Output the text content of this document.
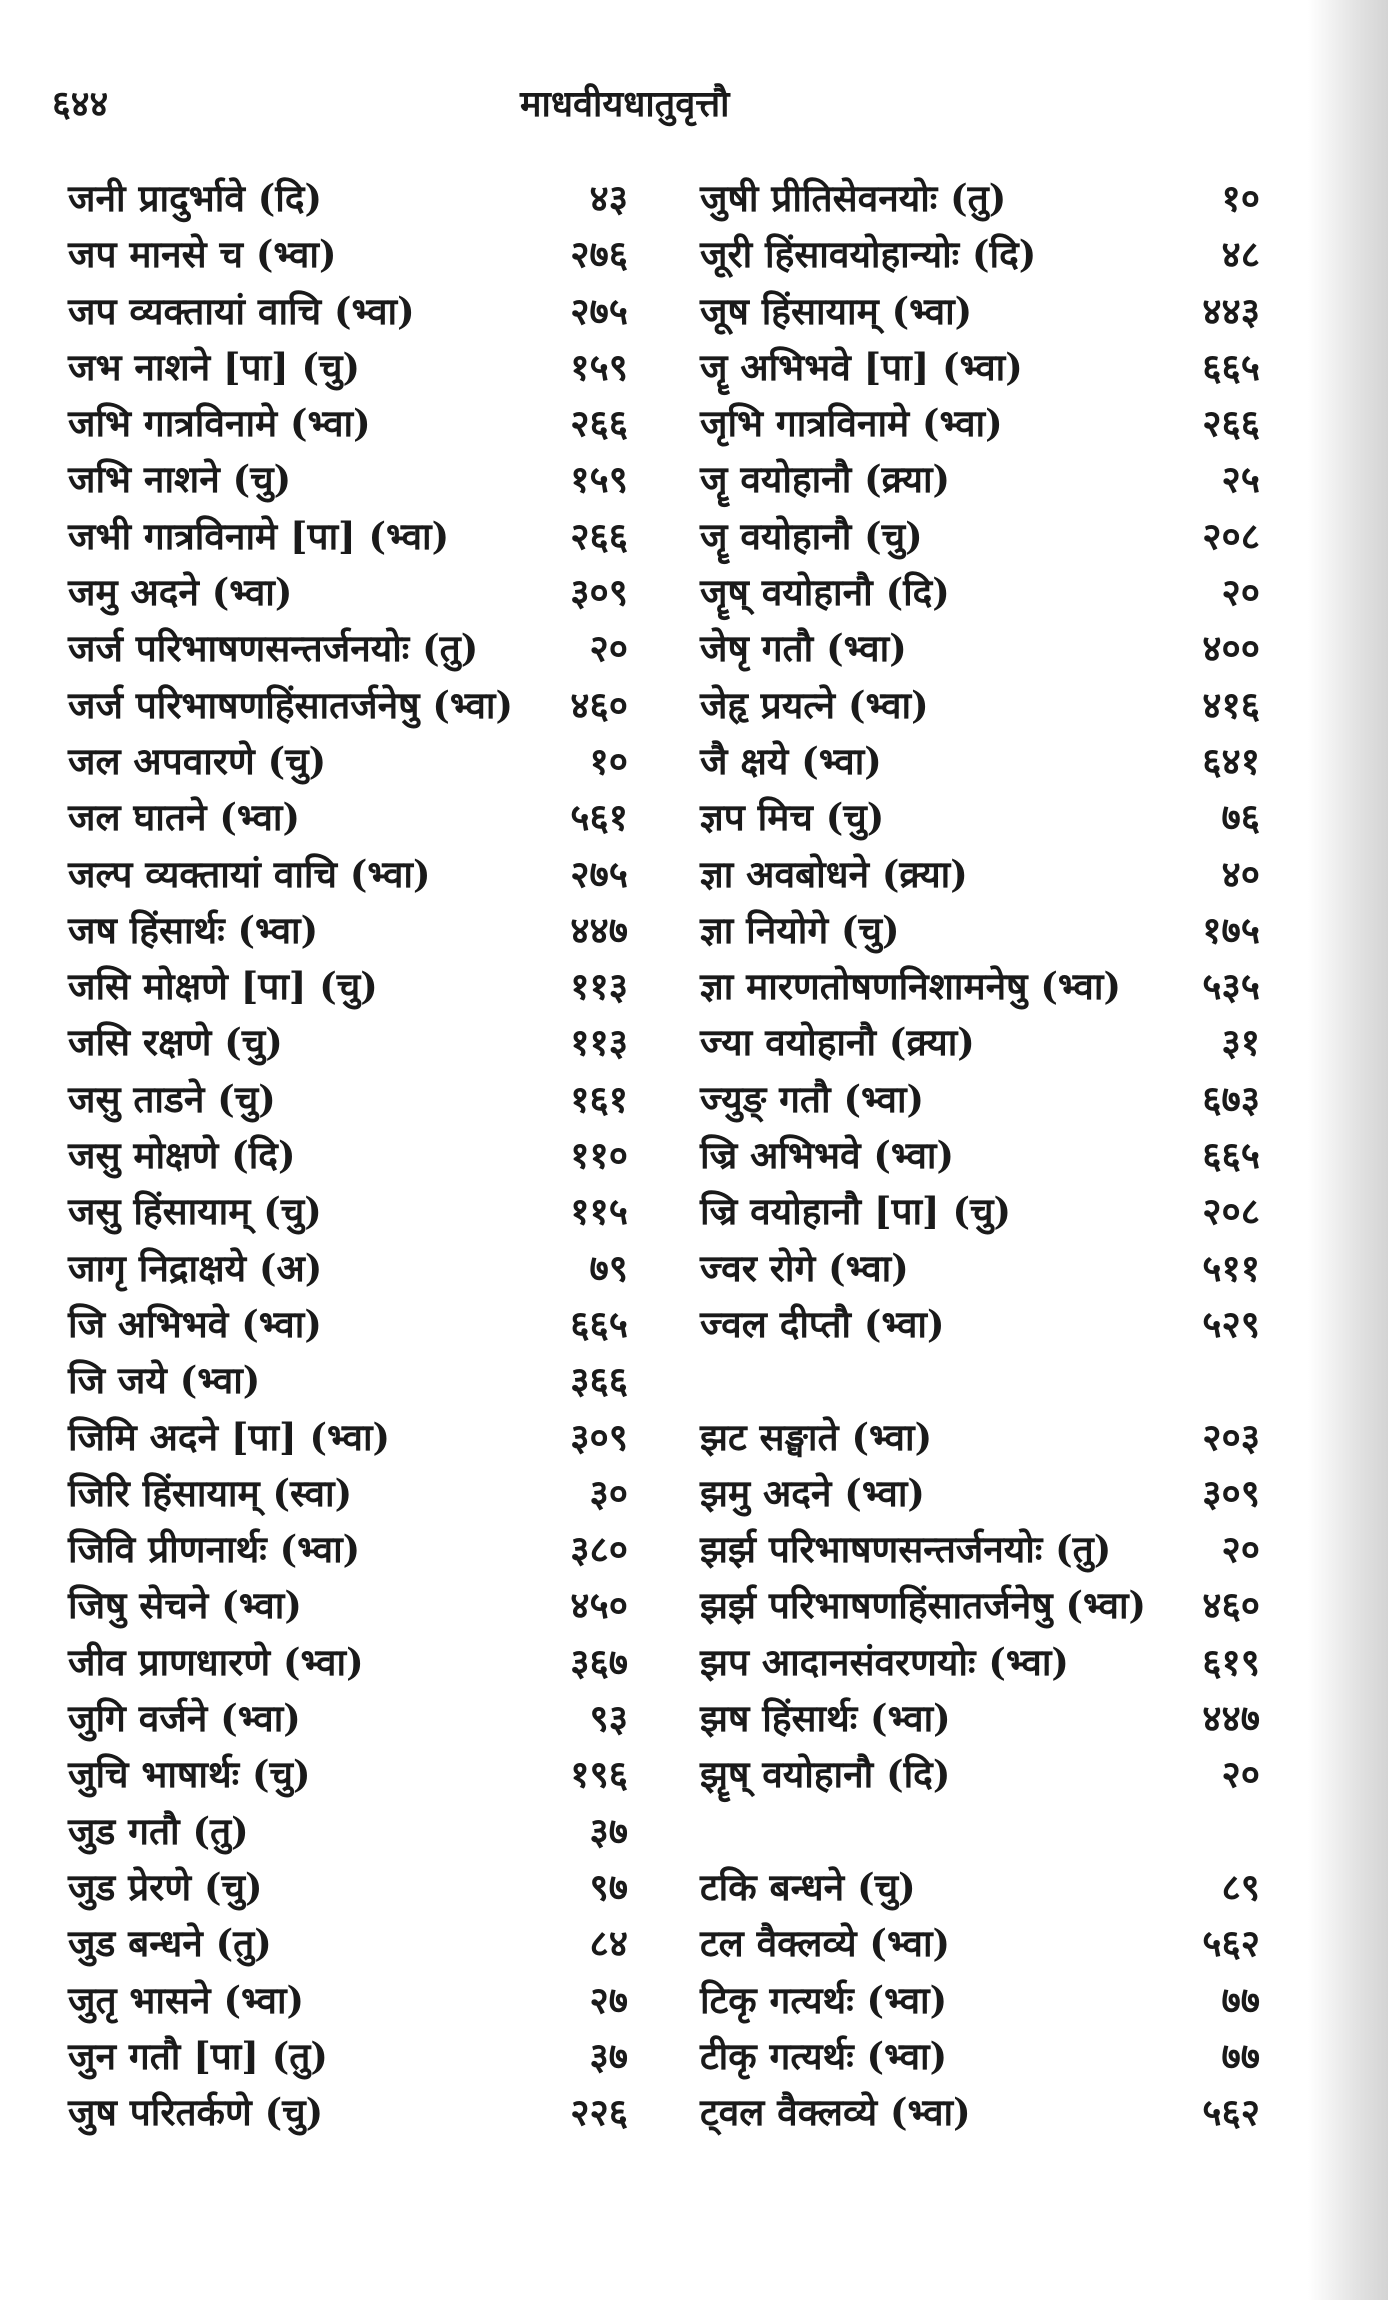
६४४	माधवीयधातुवृत्तौ
जनी प्रादुर्भावे (दि)	४३
जप मानसे च (भ्वा)	२७६
जप व्यक्तायां वाचि (भ्वा)	२७५
जभ नाशने [पा] (चु)	१५९
जभि गात्रविनामे (भ्वा)	२६६
जभि नाशने (चु)	१५९
जभी गात्रविनामे [पा] (भ्वा)	२६६
जमु अदने (भ्वा)	३०९
जर्ज परिभाषणसन्तर्जनयोः (तु)	२०
जर्ज परिभाषणहिंसातर्जनेषु (भ्वा) ४६०
जल अपवारणे (चु)	१०
जल घातने (भ्वा)	५६१
जल्प व्यक्तायां वाचि (भ्वा)	२७५
जष हिंसार्थः (भ्वा)	४४७
जसि मोक्षणे [पा] (चु)	११३
जसि रक्षणे (चु)	११३
जसु ताडने (चु)	१६१
जसु मोक्षणे (दि)	११०
जसु हिंसायाम् (चु)	११५
जागृ निद्राक्षये (अ)	७९
जि अभिभवे (भ्वा)	६६५
जि जये (भ्वा)	३६६
जिमि अदने [पा] (भ्वा)	३०९
जिरि हिंसायाम् (स्वा)	३०
जिवि प्रीणनार्थः (भ्वा)	३८०
जिषु सेचने (भ्वा)	४५०
जीव प्राणधारणे (भ्वा)	३६७
जुगि वर्जने (भ्वा)	९३
जुचि भाषार्थः (चु)	१९६
जुड गतौ (तु)	३७
जुड प्रेरणे (चु)	९७
जुड बन्धने (तु)	८४
जुतृ भासने (भ्वा)	२७
जुन गतौ [पा] (तु)	३७
जुष परितर्कणे (चु)	२२६
जुषी प्रीतिसेवनयोः (तु)	१०
जूरी हिंसावयोहान्योः (दि)	४८
जूष हिंसायाम् (भ्वा)	४४३
जॄ अभिभवे [पा] (भ्वा)	६६५
जृभि गात्रविनामे (भ्वा)	२६६
जॄ वयोहानौ (क्र्या)	२५
जॄ वयोहानौ (चु)	२०८
जॄष् वयोहानौ (दि)	२०
जेषृ गतौ (भ्वा)	४००
जेहृ प्रयत्ने (भ्वा)	४१६
जै क्षये (भ्वा)	६४१
ज्ञप मिच (चु)	७६
ज्ञा अवबोधने (क्र्या)	४०
ज्ञा नियोगे (चु)	१७५
ज्ञा मारणतोषणनिशामनेषु (भ्वा) ५३५
ज्या वयोहानौ (क्र्या)	३१
ज्युङ् गतौ (भ्वा)	६७३
ज्रि अभिभवे (भ्वा)	६६५
ज्रि वयोहानौ [पा] (चु)	२०८
ज्वर रोगे (भ्वा)	५११
ज्वल दीप्तौ (भ्वा)	५२९
झट सङ्घाते (भ्वा)	२०३
झमु अदने (भ्वा)	३०९
झर्झ परिभाषणसन्तर्जनयोः (तु)	२०
झर्झ परिभाषणहिंसातर्जनेषु (भ्वा) ४६०
झप आदानसंवरणयोः (भ्वा)	६१९
झष हिंसार्थः (भ्वा)	४४७
झॄष् वयोहानौ (दि)	२०
टकि बन्धने (चु)	८९
टल वैक्लव्ये (भ्वा)	५६२
टिकृ गत्यर्थः (भ्वा)	७७
टीकृ गत्यर्थः (भ्वा)	७७
ट्वल वैक्लव्ये (भ्वा)	५६२
